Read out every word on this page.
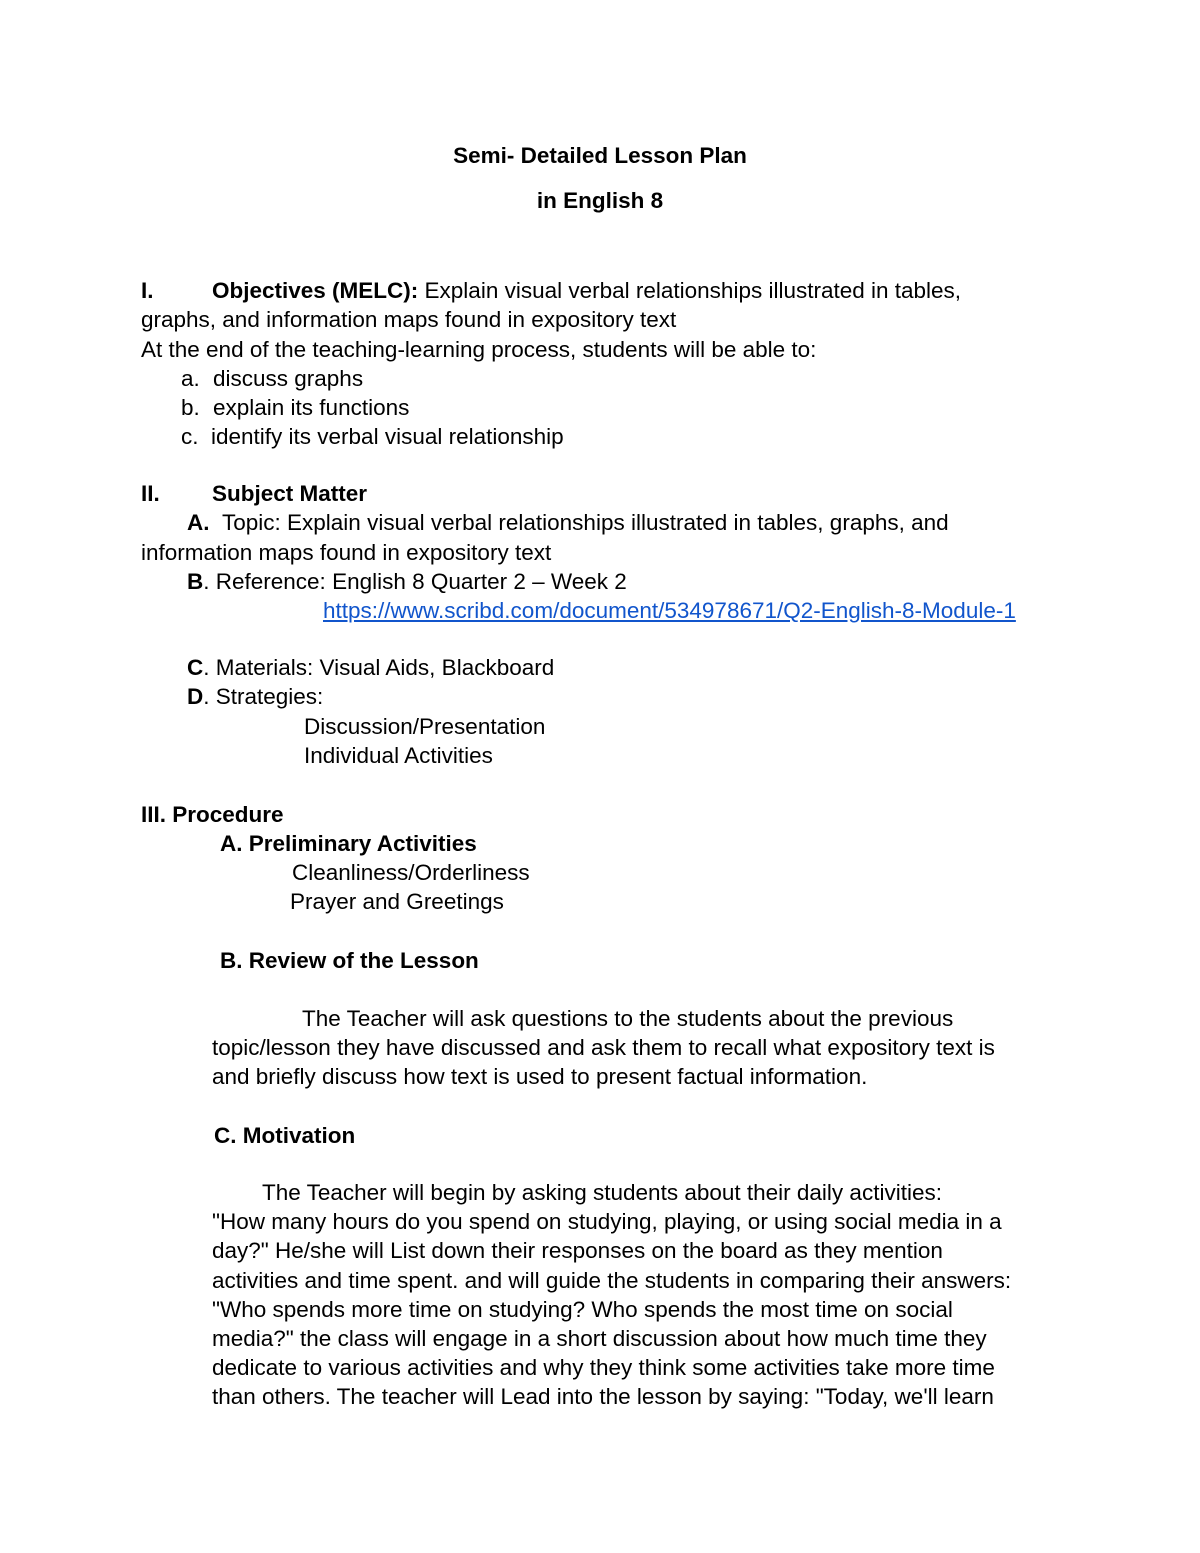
Semi- Detailed Lesson Plan
in English 8
I.	Objectives (MELC): Explain visual verbal relationships illustrated in tables,
graphs, and information maps found in expository text
At the end of the teaching-learning process, students will be able to:
a. discuss graphs
b. explain its functions
c. identify its verbal visual relationship
II. Subject Matter
A. Topic: Explain visual verbal relationships illustrated in tables, graphs, and
information maps found in expository text
B. Reference: English 8 Quarter 2 – Week 2
https://www.scribd.com/document/534978671/Q2-English-8-Module-1
C. Materials: Visual Aids, Blackboard
D. Strategies:
Discussion/Presentation
Individual Activities
III. Procedure
A. Preliminary Activities
Cleanliness/Orderliness
Prayer and Greetings
B. Review of the Lesson
The Teacher will ask questions to the students about the previous
topic/lesson they have discussed and ask them to recall what expository text is
and briefly discuss how text is used to present factual information.
C. Motivation
The Teacher will begin by asking students about their daily activities:
"How many hours do you spend on studying, playing, or using social media in a
day?" He/she will List down their responses on the board as they mention
activities and time spent. and will guide the students in comparing their answers:
"Who spends more time on studying? Who spends the most time on social
media?" the class will engage in a short discussion about how much time they
dedicate to various activities and why they think some activities take more time
than others. The teacher will Lead into the lesson by saying: "Today, we'll learn
